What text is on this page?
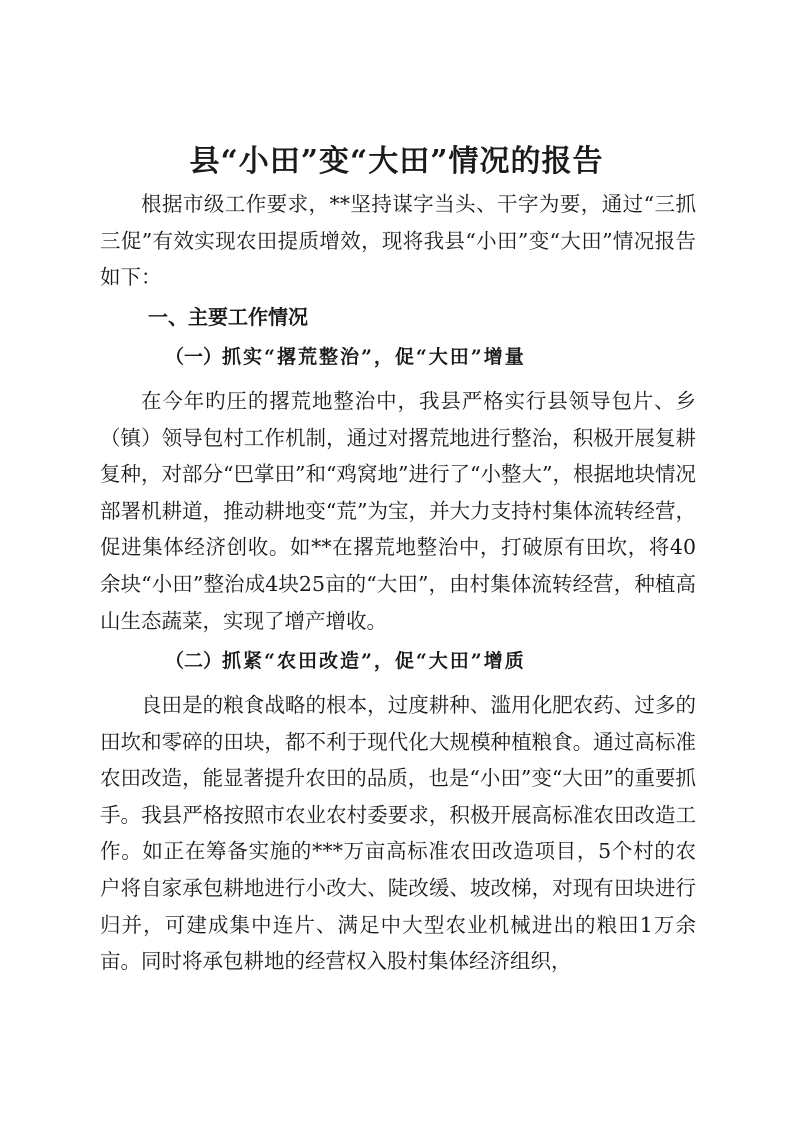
县“小田”变“大田”情况的报告

根据市级工作要求，**坚持谋字当头、干字为要，通过“三抓三促”有效实现农田提质增效，现将我县“小田”变“大田”情况报告如下：

一、主要工作情况
（一）抓实“撂荒整治”，促“大田”增量

在今年旳圧的撂荒地整治中，我县严格实行县领导包片、乡（镇）领导包村工作机制，通过对撂荒地进行整治，积极开展复耕复种，对部分“巴掌田”和“鸡窝地”进行了“小整大”，根据地块情况部署机耕道，推动耕地变“荒”为宝，并大力支持村集体流转经营，促进集体经济创收。如**在撂荒地整治中，打破原有田坎，将40余块“小田”整治成4块25亩的“大田”，由村集体流转经营，种植高山生态蔬菜，实现了增产增收。

（二）抓紧“农田改造”，促“大田”增质

良田是的粮食战略的根本，过度耕种、滥用化肥农药、过多的田坎和零碎的田块，都不利于现代化大规模种植粮食。通过高标准农田改造，能显著提升农田的品质，也是“小田”变“大田”的重要抓手。我县严格按照市农业农村委要求，积极开展高标准农田改造工作。如正在筹备实施的***万亩高标准农田改造项目，5个村的农户将自家承包耕地进行小改大、陡改缓、坡改梯，对现有田块进行归并，可建成集中连片、满足中大型农业机械进出的粮田1万余亩。同时将承包耕地的经营权入股村集体经济组织，
